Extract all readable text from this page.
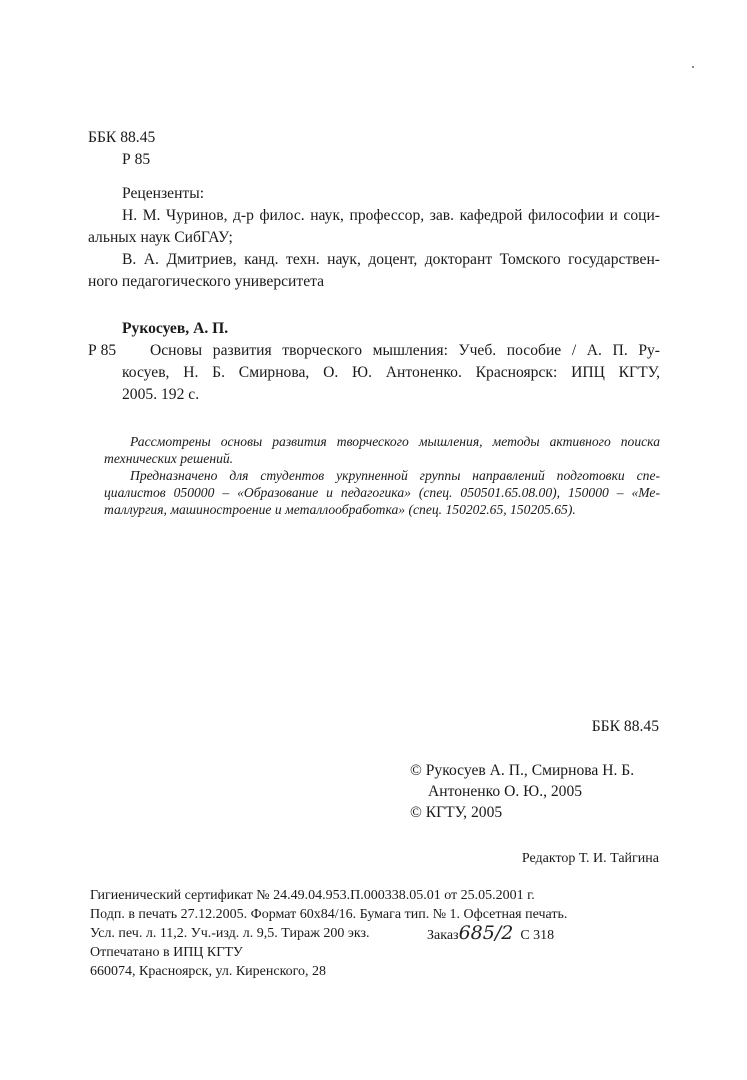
ББК 88.45
Р 85
Рецензенты:
Н. М. Чуринов, д-р филос. наук, профессор, зав. кафедрой философии и соци-
альных наук СибГАУ;
В. А. Дмитриев, канд. техн. наук, доцент, докторант Томского государствен-
ного педагогического университета
Рукосуев, А. П.
Р 85 Основы развития творческого мышления: Учеб. пособие / А. П. Ру-
косуев, Н. Б. Смирнова, О. Ю. Антоненко. Красноярск: ИПЦ КГТУ,
2005. 192 с.
Рассмотрены основы развития творческого мышления, методы активного поиска
технических решений.
Предназначено для студентов укрупненной группы направлений подготовки спе-
циалистов 050000 – «Образование и педагогика» (спец. 050501.65.08.00), 150000 – «Ме-
таллургия, машиностроение и металлообработка» (спец. 150202.65, 150205.65).
ББК 88.45
© Рукосуев А. П., Смирнова Н. Б.
Антоненко О. Ю., 2005
© КГТУ, 2005
Редактор Т. И. Тайгина
Гигиенический сертификат № 24.49.04.953.П.000338.05.01 от 25.05.2001 г.
Подп. в печать 27.12.2005. Формат 60х84/16. Бумага тип. № 1. Офсетная печать.
Усл. печ. л. 11,2. Уч.-изд. л. 9,5. Тираж 200 экз.	Заказ685/2 С 318
Отпечатано в ИПЦ КГТУ
660074, Красноярск, ул. Киренского, 28
